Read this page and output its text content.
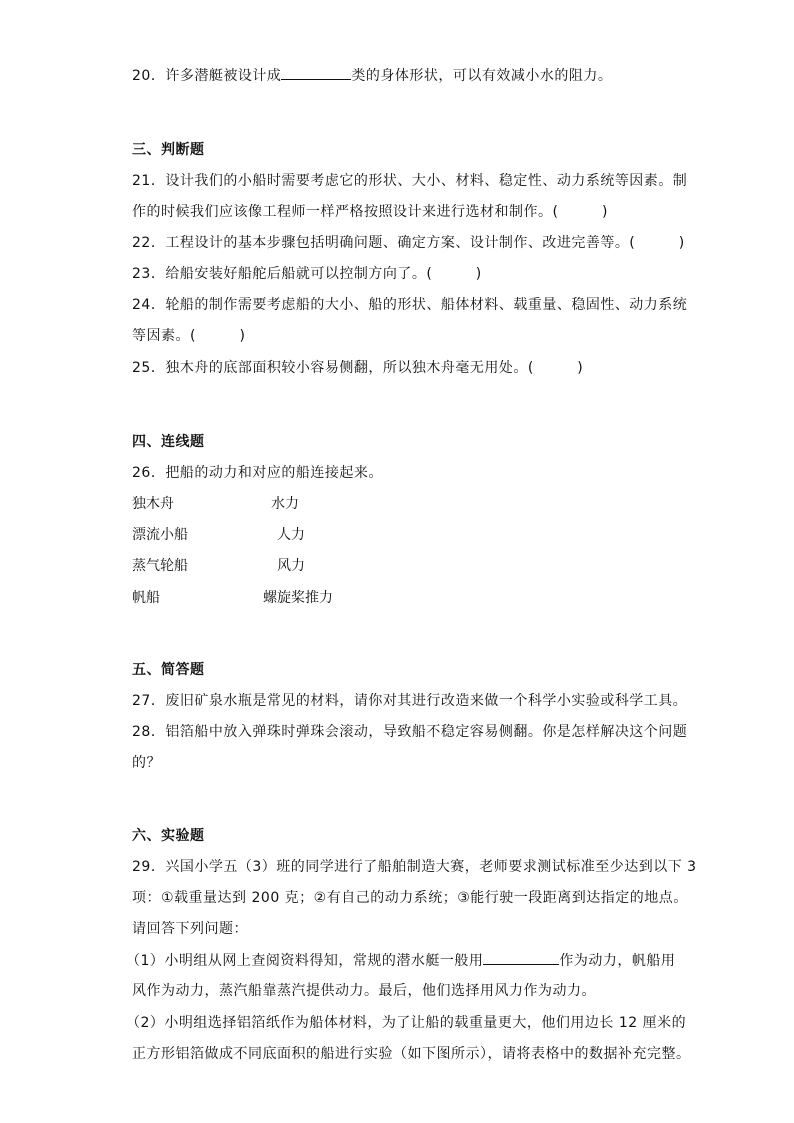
20．许多潜艇被设计成	类的身体形状，可以有效减小水的阻力。
三、判断题
21．设计我们的小船时需要考虑它的形状、大小、材料、稳定性、动力系统等因素。制
作的时候我们应该像工程师一样严格按照设计来进行选材和制作。(　　　)
22．工程设计的基本步骤包括明确问题、确定方案、设计制作、改进完善等。(　　　)
23．给船安装好船舵后船就可以控制方向了。(　　　)
24．轮船的制作需要考虑船的大小、船的形状、船体材料、载重量、稳固性、动力系统
等因素。(　　　)
25．独木舟的底部面积较小容易侧翻，所以独木舟毫无用处。(　　　)
四、连线题
26．把船的动力和对应的船连接起来。
独木舟	水力
漂流小船	人力
蒸气轮船	风力
帆船	螺旋桨推力
五、简答题
27．废旧矿泉水瓶是常见的材料，请你对其进行改造来做一个科学小实验或科学工具。
28．铝箔船中放入弹珠时弹珠会滚动，导致船不稳定容易侧翻。你是怎样解决这个问题
的？
六、实验题
29．兴国小学五（3）班的同学进行了船舶制造大赛，老师要求测试标准至少达到以下 3
项：①载重量达到 200 克；②有自己的动力系统；③能行驶一段距离到达指定的地点。
请回答下列问题：
（1）小明组从网上查阅资料得知，常规的潜水艇一般用	作为动力，帆船用
风作为动力，蒸汽船靠蒸汽提供动力。最后，他们选择用风力作为动力。
（2）小明组选择铝箔纸作为船体材料，为了让船的载重量更大，他们用边长 12 厘米的
正方形铝箔做成不同底面积的船进行实验（如下图所示），请将表格中的数据补充完整。
